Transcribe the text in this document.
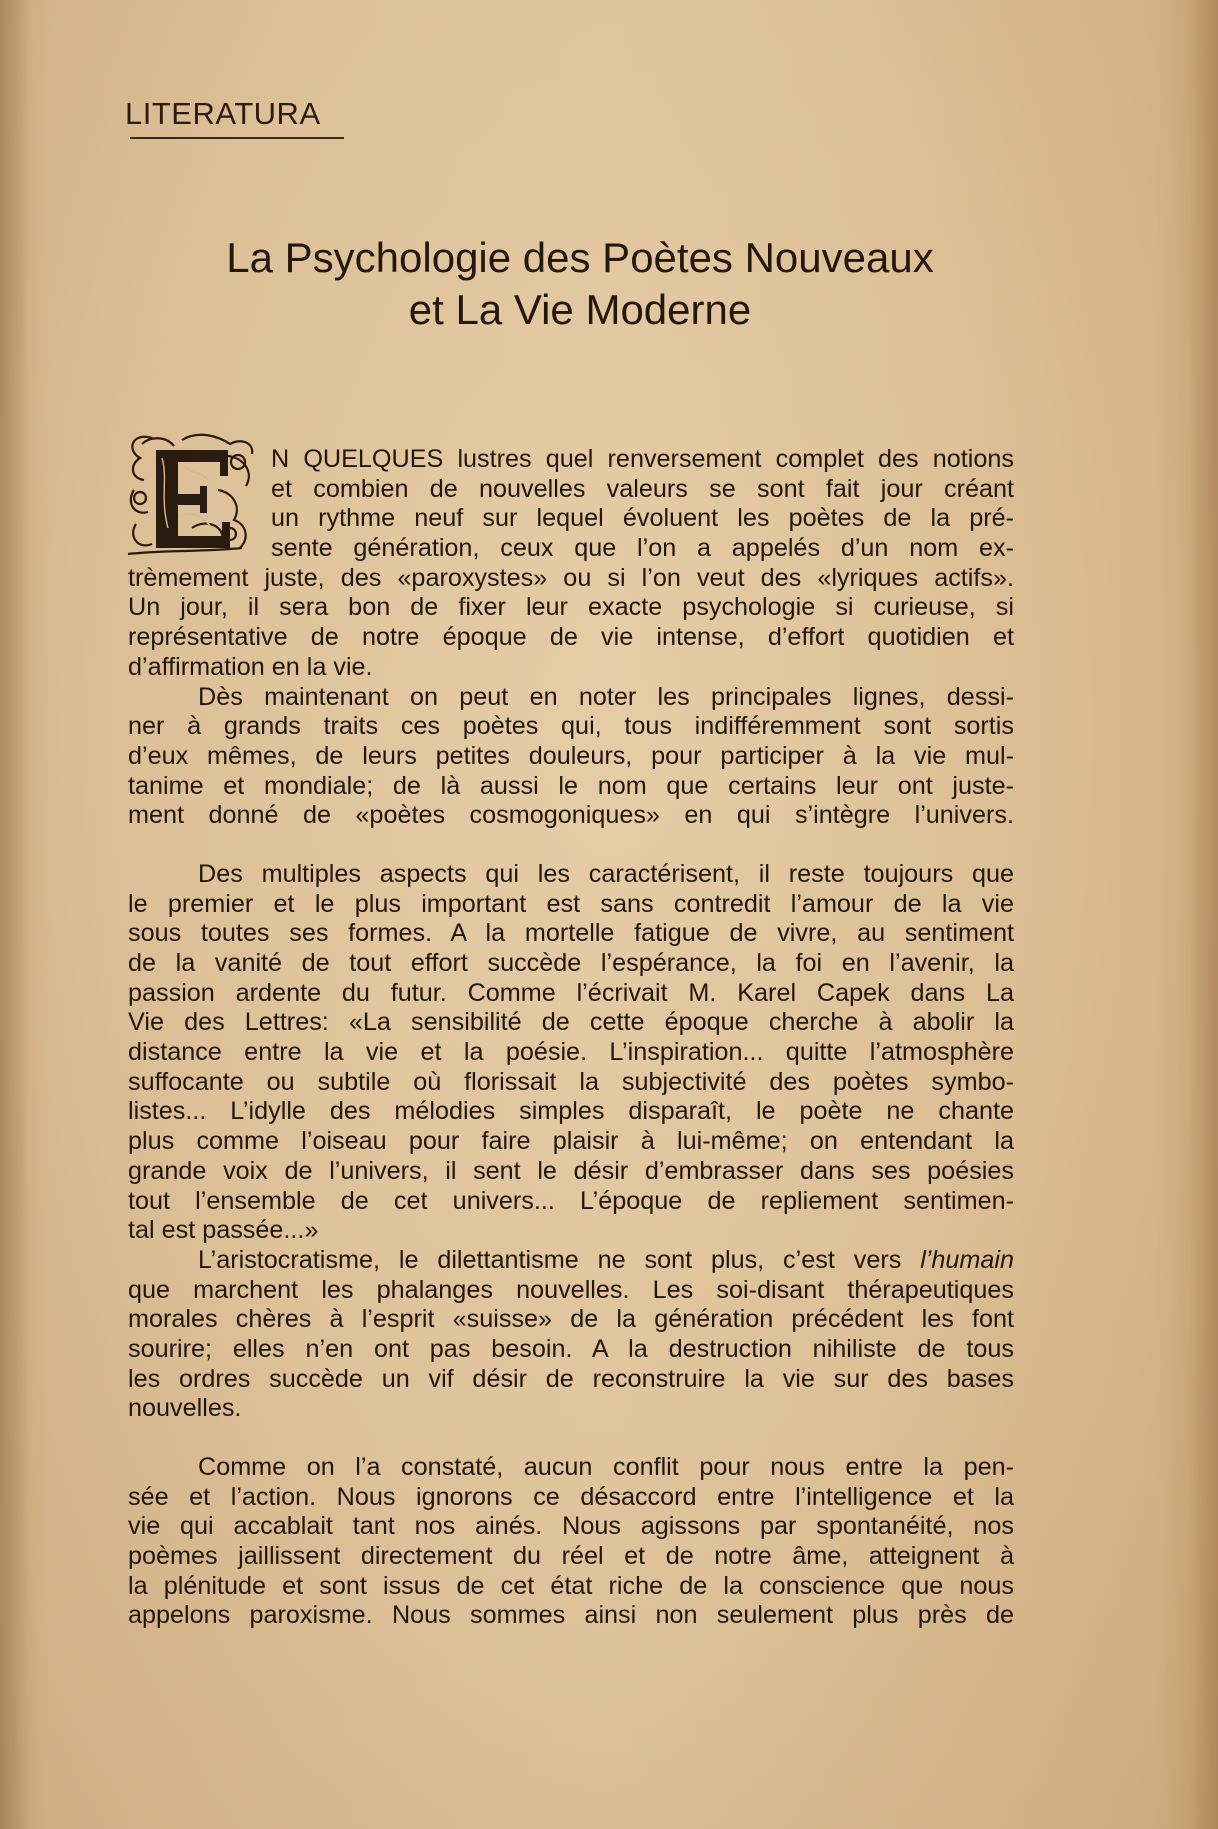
LITERATURA
La Psychologie des Poètes Nouveaux
et La Vie Moderne
N QUELQUES lustres quel renversement complet des notions
et combien de nouvelles valeurs se sont fait jour créant
un rythme neuf sur lequel évoluent les poètes de la pré-
sente génération, ceux que l’on a appelés d’un nom ex-
trèmement juste, des «paroxystes» ou si l’on veut des «lyriques actifs».
Un jour, il sera bon de fixer leur exacte psychologie si curieuse, si
représentative de notre époque de vie intense, d’effort quotidien et
d’affirmation en la vie.
Dès maintenant on peut en noter les principales lignes, dessi-
ner à grands traits ces poètes qui, tous indifféremment sont sortis
d’eux mêmes, de leurs petites douleurs, pour participer à la vie mul-
tanime et mondiale; de là aussi le nom que certains leur ont juste-
ment donné de «poètes cosmogoniques» en qui s’intègre l’univers.
Des multiples aspects qui les caractérisent, il reste toujours que
le premier et le plus important est sans contredit l’amour de la vie
sous toutes ses formes. A la mortelle fatigue de vivre, au sentiment
de la vanité de tout effort succède l’espérance, la foi en l’avenir, la
passion ardente du futur. Comme l’écrivait M. Karel Capek dans La
Vie des Lettres: «La sensibilité de cette époque cherche à abolir la
distance entre la vie et la poésie. L’inspiration... quitte l’atmosphère
suffocante ou subtile où florissait la subjectivité des poètes symbo-
listes... L’idylle des mélodies simples disparaît, le poète ne chante
plus comme l’oiseau pour faire plaisir à lui-même; on entendant la
grande voix de l’univers, il sent le désir d’embrasser dans ses poésies
tout l’ensemble de cet univers... L’époque de repliement sentimen-
tal est passée...»
L’aristocratisme, le dilettantisme ne sont plus, c’est vers l’humain
que marchent les phalanges nouvelles. Les soi-disant thérapeutiques
morales chères à l’esprit «suisse» de la génération précédent les font
sourire; elles n’en ont pas besoin. A la destruction nihiliste de tous
les ordres succède un vif désir de reconstruire la vie sur des bases
nouvelles.
Comme on l’a constaté, aucun conflit pour nous entre la pen-
sée et l’action. Nous ignorons ce désaccord entre l’intelligence et la
vie qui accablait tant nos ainés. Nous agissons par spontanéité, nos
poèmes jaillissent directement du réel et de notre âme, atteignent à
la plénitude et sont issus de cet état riche de la conscience que nous
appelons paroxisme. Nous sommes ainsi non seulement plus près de
